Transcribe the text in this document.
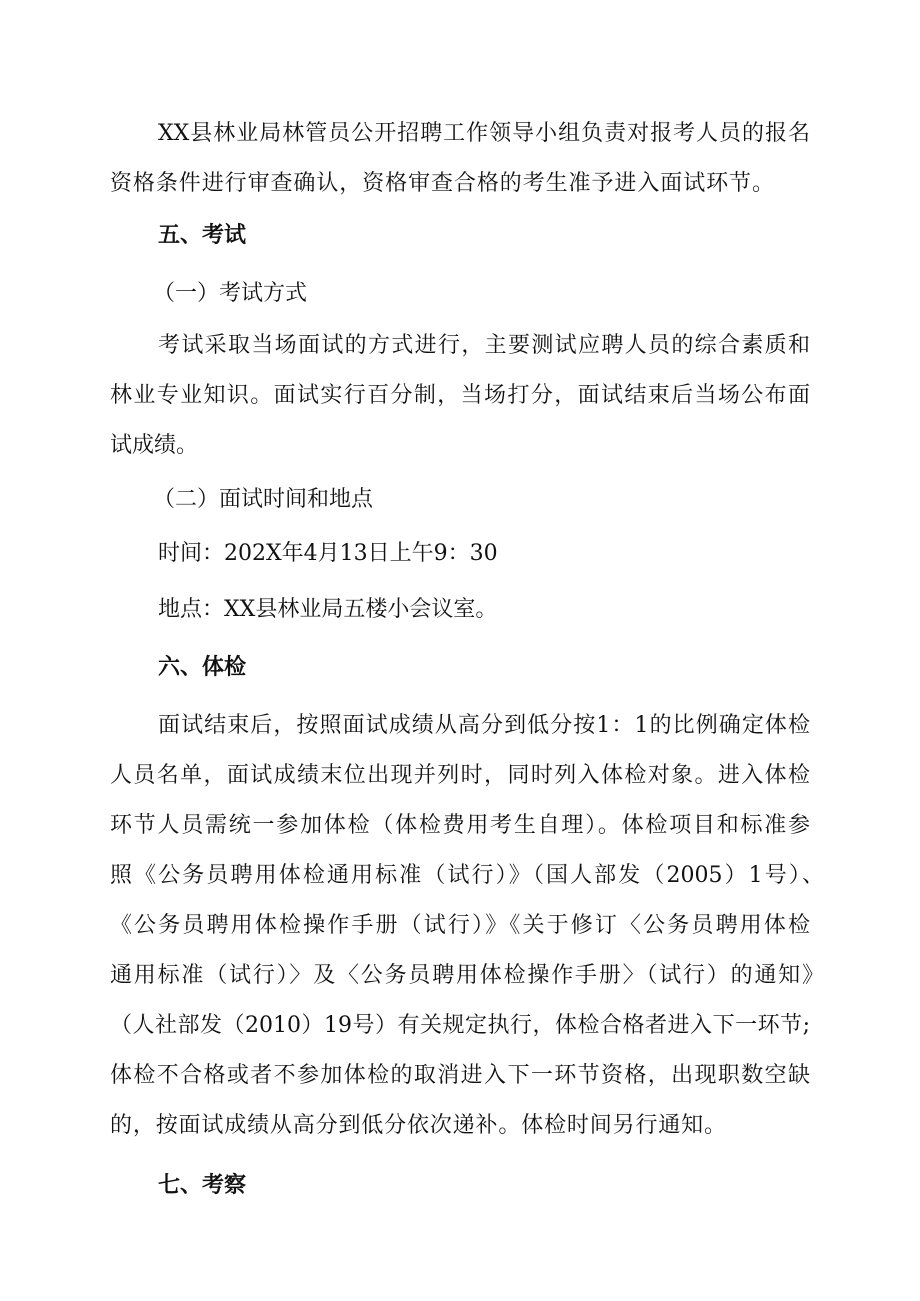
XX县林业局林管员公开招聘工作领导小组负责对报考人员的报名
资格条件进行审查确认，资格审查合格的考生准予进入面试环节。
五、考试
（一）考试方式
考试采取当场面试的方式进行，主要测试应聘人员的综合素质和
林业专业知识。面试实行百分制，当场打分，面试结束后当场公布面
试成绩。
（二）面试时间和地点
时间：202X年4月13日上午9：30
地点：XX县林业局五楼小会议室。
六、体检
面试结束后，按照面试成绩从高分到低分按1：1的比例确定体检
人员名单，面试成绩末位出现并列时，同时列入体检对象。进入体检
环节人员需统一参加体检（体检费用考生自理）。体检项目和标准参
照《公务员聘用体检通用标准（试行）》（国人部发（2005）1号）、
《公务员聘用体检操作手册（试行）》《关于修订〈公务员聘用体检
通用标准（试行）〉及〈公务员聘用体检操作手册〉（试行）的通知》
（人社部发（2010）19号）有关规定执行，体检合格者进入下一环节;
体检不合格或者不参加体检的取消进入下一环节资格，出现职数空缺
的，按面试成绩从高分到低分依次递补。体检时间另行通知。
七、考察
